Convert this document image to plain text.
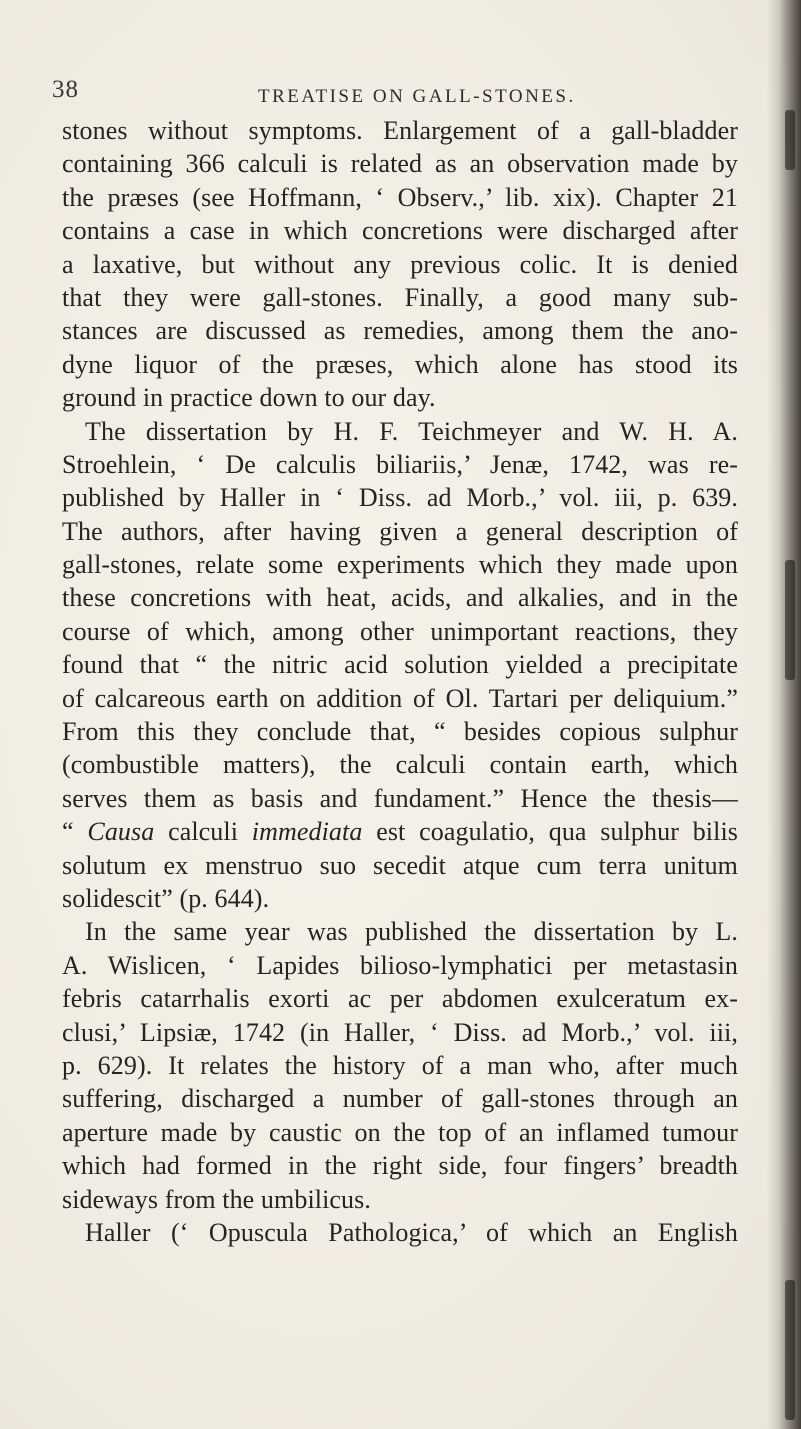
38	TREATISE ON GALL-STONES.
stones without symptoms. Enlargement of a gall-bladder
containing 366 calculi is related as an observation made by
the præses (see Hoffmann, ‘ Observ.,’ lib. xix). Chapter 21
contains a case in which concretions were discharged after
a laxative, but without any previous colic. It is denied
that they were gall-stones. Finally, a good many sub-
stances are discussed as remedies, among them the ano-
dyne liquor of the præses, which alone has stood its
ground in practice down to our day.
The dissertation by H. F. Teichmeyer and W. H. A.
Stroehlein, ‘ De calculis biliariis,’ Jenæ, 1742, was re-
published by Haller in ‘ Diss. ad Morb.,’ vol. iii, p. 639.
The authors, after having given a general description of
gall-stones, relate some experiments which they made upon
these concretions with heat, acids, and alkalies, and in the
course of which, among other unimportant reactions, they
found that “ the nitric acid solution yielded a precipitate
of calcareous earth on addition of Ol. Tartari per deliquium.”
From this they conclude that, “ besides copious sulphur
(combustible matters), the calculi contain earth, which
serves them as basis and fundament.” Hence the thesis—
“ Causa calculi immediata est coagulatio, qua sulphur bilis
solutum ex menstruo suo secedit atque cum terra unitum
solidescit” (p. 644).
In the same year was published the dissertation by L.
A. Wislicen, ‘ Lapides bilioso-lymphatici per metastasin
febris catarrhalis exorti ac per abdomen exulceratum ex-
clusi,’ Lipsiæ, 1742 (in Haller, ‘ Diss. ad Morb.,’ vol. iii,
p. 629). It relates the history of a man who, after much
suffering, discharged a number of gall-stones through an
aperture made by caustic on the top of an inflamed tumour
which had formed in the right side, four fingers’ breadth
sideways from the umbilicus.
Haller (‘ Opuscula Pathologica,’ of which an English
